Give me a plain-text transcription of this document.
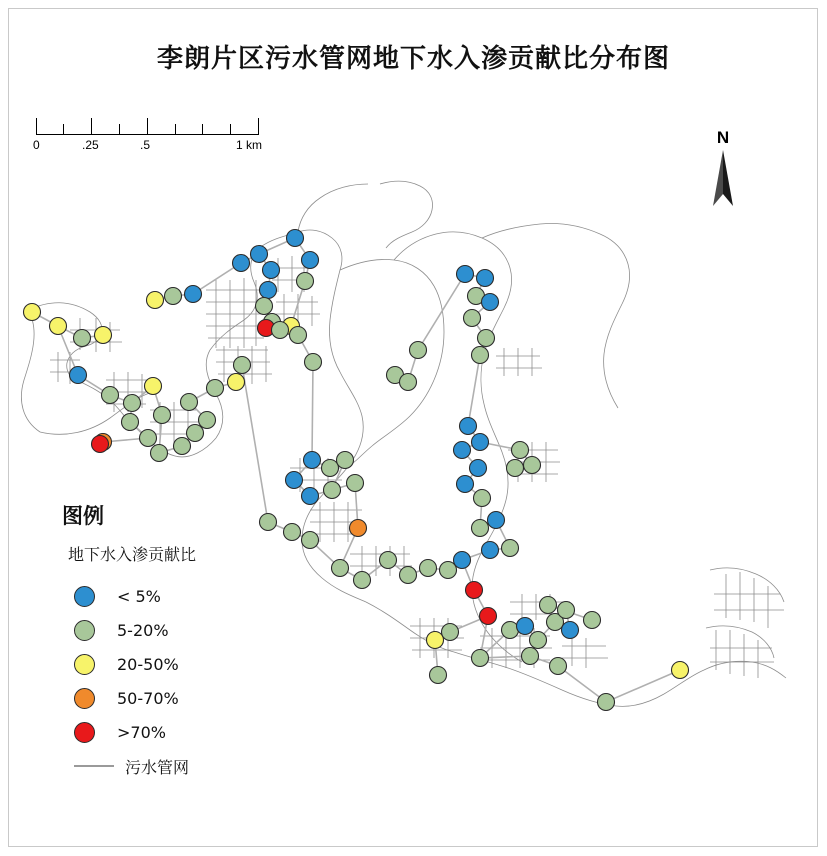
李朗片区污水管网地下水入渗贡献比分布图
0	.25	.5	1 km	N
图例
地下水入渗贡献比
< 5%
5-20%
20-50%
50-70%
>70%
污水管网
